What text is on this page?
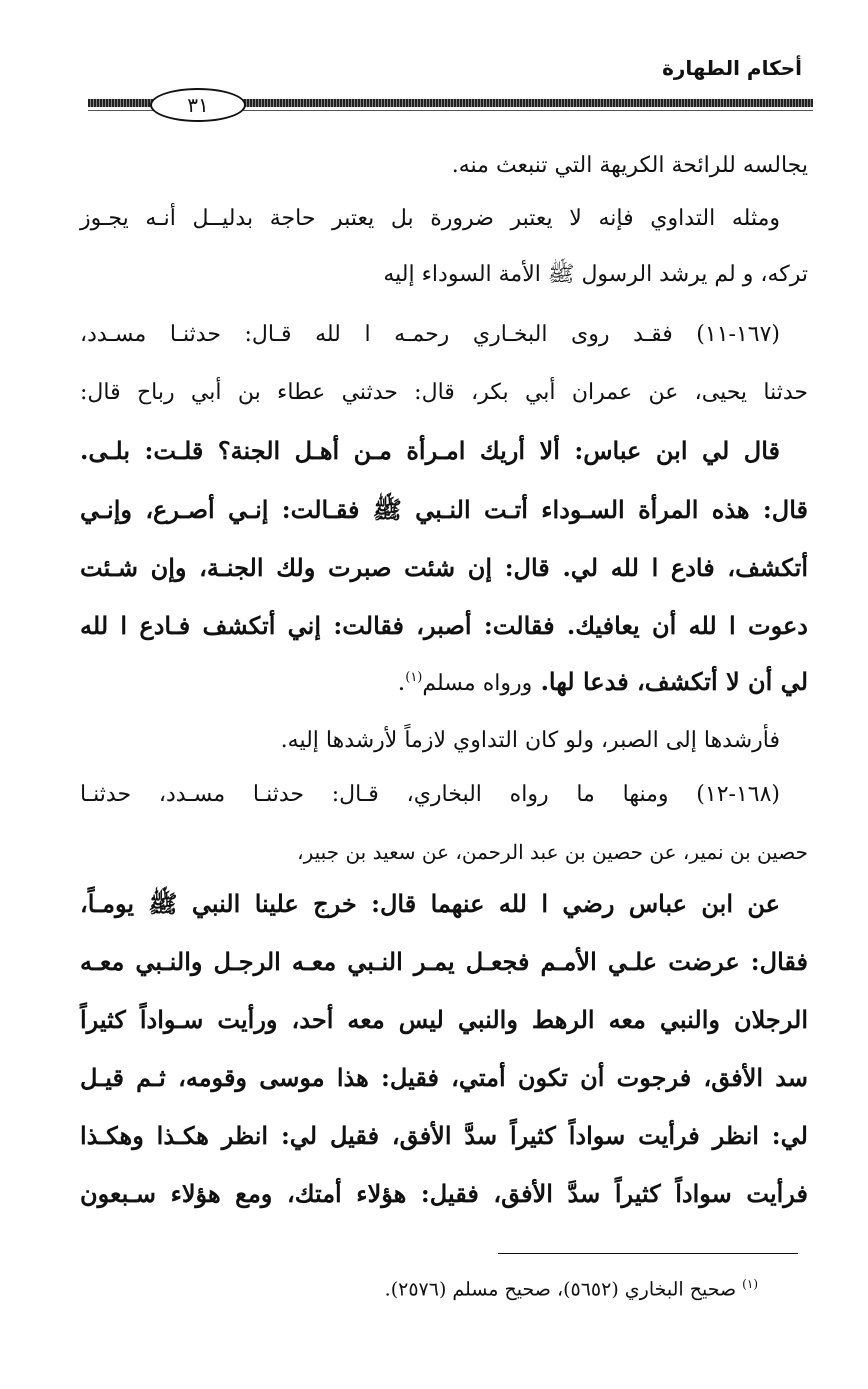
أحكام الطهارة
٣١
يجالسه للرائحة الكريهة التي تنبعث منه.
ومثله التداوي فإنه لا يعتبر ضرورة بل يعتبر حاجة بدليــل أنـه يجـوز
تركه، و لم يرشد الرسول ﷺ الأمة السوداء إليه
(١٦٧-١١) فقـد روى البخـاري رحمـه ا لله قـال: حدثنـا مسـدد،
حدثنا يحيى، عن عمران أبي بكر، قال: حدثني عطاء بن أبي رباح قال:
قال لي ابن عباس: ألا أريك امـرأة مـن أهـل الجنة؟ قلـت: بلـى.
قال: هذه المرأة السـوداء أتـت النـبي ﷺ فقـالت: إنـي أصـرع، وإنـي
أتكشف، فادع ا لله لي. قال: إن شئت صبرت ولك الجنـة، وإن شـئت
دعوت ا لله أن يعافيك. فقالت: أصبر، فقالت: إني أتكشف فـادع ا لله
لي أن لا أتكشف، فدعا لها. ورواه مسلم$^{(١)}$.
فأرشدها إلى الصبر، ولو كان التداوي لازماً لأرشدها إليه.
(١٦٨-١٢) ومنها ما رواه البخاري، قـال: حدثنـا مسـدد، حدثنـا
حصين بن نمير، عن حصين بن عبد الرحمن، عن سعيد بن جبير،
عن ابن عباس رضي ا لله عنهما قال: خرج علينا النبي ﷺ يومـاً،
فقال: عرضت علـي الأمـم فجعـل يمـر النـبي معـه الرجـل والنـبي معـه
الرجلان والنبي معه الرهط والنبي ليس معه أحد، ورأيت سـواداً كثيراً
سد الأفق، فرجوت أن تكون أمتي، فقيل: هذا موسى وقومه، ثـم قيـل
لي: انظر فرأيت سواداً كثيراً سدَّ الأفق، فقيل لي: انظر هكـذا وهكـذا
فرأيت سواداً كثيراً سدَّ الأفق، فقيل: هؤلاء أمتك، ومع هؤلاء سـبعون
$^{(١)}$ صحيح البخاري (٥٦٥٢)، صحيح مسلم (٢٥٧٦).
